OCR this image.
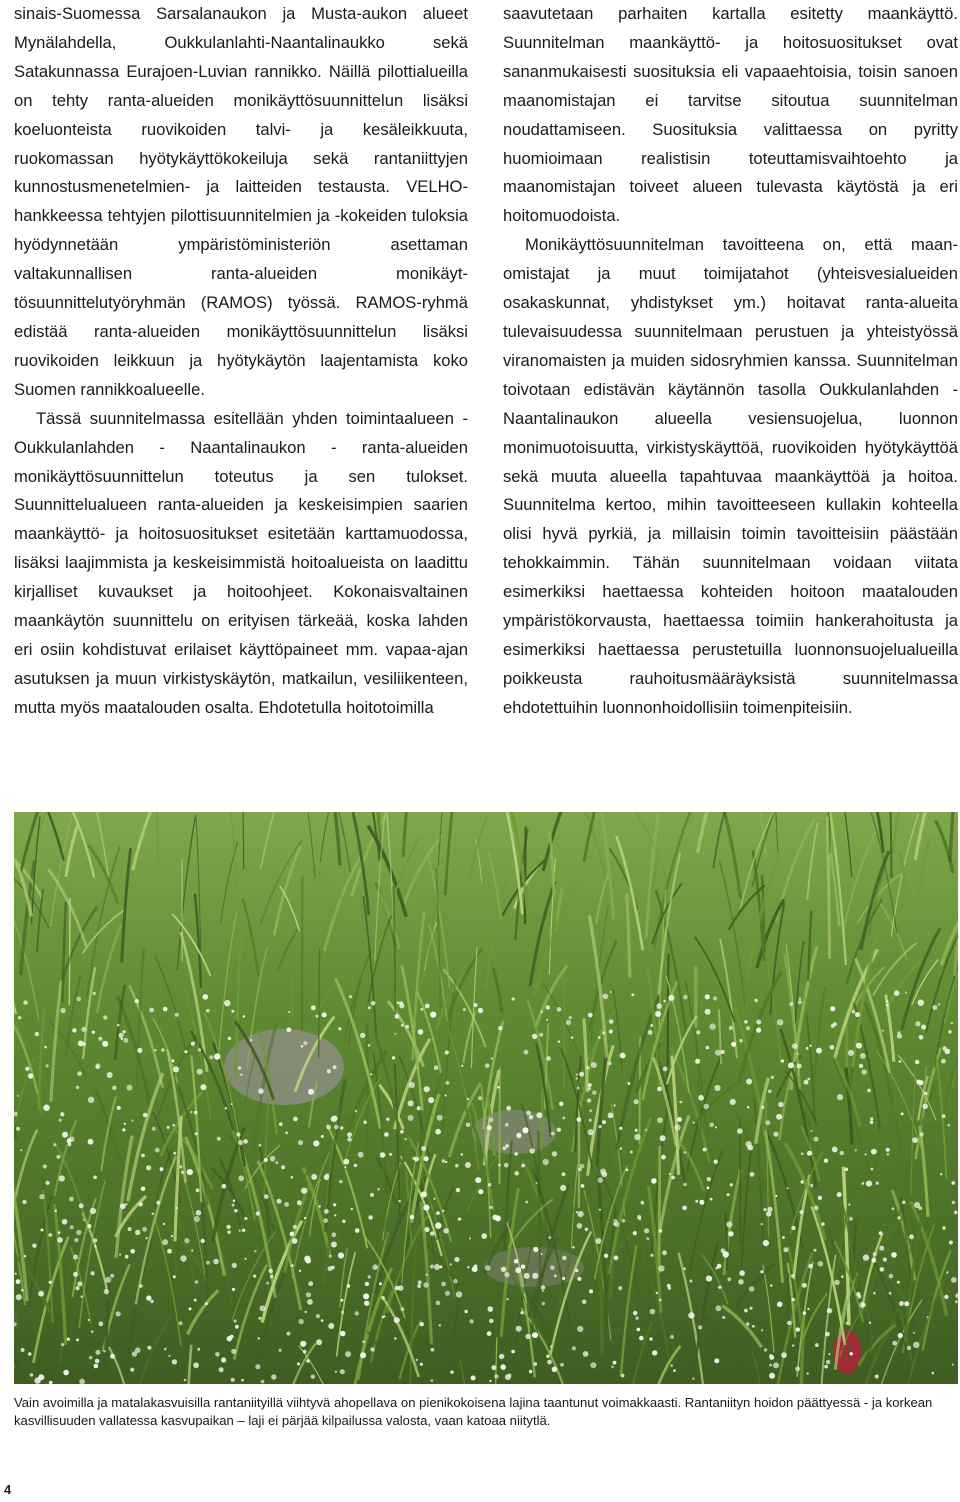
sinais-Suomessa Sarsalanaukon ja Musta-aukon alueet Mynälahdella, Oukkulanlahti-Naantalinaukko sekä Satakunnassa Eurajoen-Luvian rannikko. Näillä pilottialueilla on tehty ranta-alueiden monikäyttösuunnittelun lisäksi koeluonteista ruovikoiden talvi- ja kesäleikkuuta, ruokomassan hyötykäyttökokeiluja sekä rantaniittyjen kunnostusmenetelmien- ja laitteiden testausta. VELHO-hankkeessa tehtyjen pilottisuunnitelmien ja -kokeiden tuloksia hyödynnetään ympäristöministeriön asettaman valtakunnallisen ranta-alueiden monikäyttösuunnittelutyöryhmän (RAMOS) työssä. RAMOS-ryhmä edistää ranta-alueiden monikäyttösuunnittelun lisäksi ruovikoiden leikkuun ja hyötykäytön laajentamista koko Suomen rannikkoalueelle.

Tässä suunnitelmassa esitellään yhden toimintaalueen - Oukkulanlahden - Naantalinaukon - ranta-alueiden monikäyttösuunnittelun toteutus ja sen tulokset. Suunnittelualueen ranta-alueiden ja keskeisimpien saarien maankäyttö- ja hoitosuositukset esitetään karttamuodossa, lisäksi laajimmista ja keskeisimmistä hoitoalueista on laadittu kirjalliset kuvaukset ja hoitoohjeet. Kokonaisvaltainen maankäytön suunnittelu on erityisen tärkeää, koska lahden eri osiin kohdistuvat erilaiset käyttöpaineet mm. vapaa-ajan asutuksen ja muun virkistyskäytön, matkailun, vesiliikenteen, mutta myös maatalouden osalta. Ehdotetulla hoitotoimilla

saavutetaan parhaiten kartalla esitetty maankäyttö. Suunnitelman maankäyttö- ja hoitosuositukset ovat sananmukaisesti suosituksia eli vapaaehtoisia, toisin sanoen maanomistajan ei tarvitse sitoutua suunnitelman noudattamiseen. Suosituksia valittaessa on pyritty huomioimaan realistisin toteuttamisvaihtoehto ja maanomistajan toiveet alueen tulevasta käytöstä ja eri hoitomuodoista.

Monikäyttösuunnitelman tavoitteena on, että maanomistajat ja muut toimijatahot (yhteisvesialueiden osakaskunnat, yhdistykset ym.) hoitavat ranta-alueita tulevaisuudessa suunnitelmaan perustuen ja yhteistyössä viranomaisten ja muiden sidosryhmien kanssa. Suunnitelman toivotaan edistävän käytännön tasolla Oukkulanlahden - Naantalinaukon alueella vesiensuojelua, luonnon monimuotoisuutta, virkistyskäyttöä, ruovikoiden hyötykäyttöä sekä muuta alueella tapahtuvaa maankäyttöä ja hoitoa. Suunnitelma kertoo, mihin tavoitteeseen kullakin kohteella olisi hyvä pyrkiä, ja millaisin toimin tavoitteisiin päästään tehokkaimmin. Tähän suunnitelmaan voidaan viitata esimerkiksi haettaessa kohteiden hoitoon maatalouden ympäristökorvausta, haettaessa toimiin hankerahoitusta ja esimerkiksi haettaessa perustetuilla luonnonsuojelualueilla poikkeusta rauhoitusmääräyksistä suunnitelmassa ehdotettuihin luonnonhoidollisiin toimenpiteisiin.

Vain avoimilla ja matalakasvuisilla rantaniityillä viihtyvä ahopellava on pienikokoisena lajina taantunut voimakkaasti. Rantaniityn hoidon päättyessä - ja korkean kasvillisuuden vallatessa kasvupaikan – laji ei pärjää kilpailussa valosta, vaan katoaa niitytlä.
4
